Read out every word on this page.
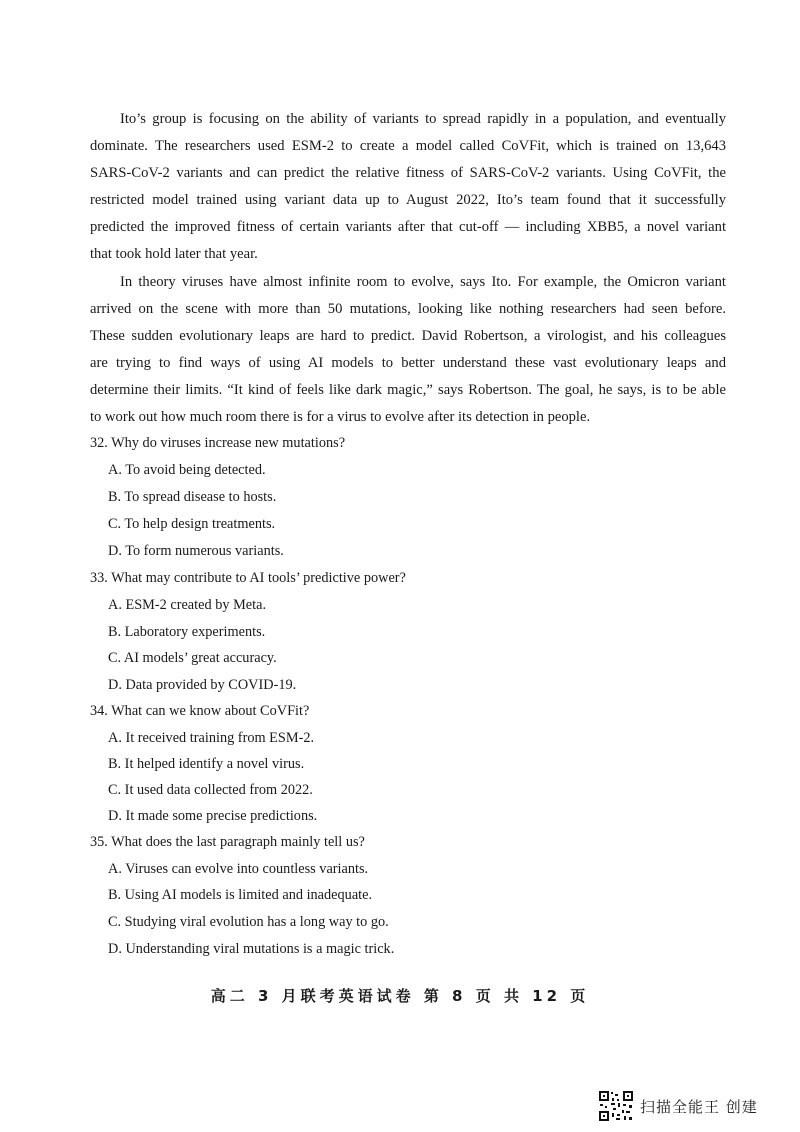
Ito’s group is focusing on the ability of variants to spread rapidly in a population, and eventually
dominate. The researchers used ESM-2 to create a model called CoVFit, which is trained on 13,643
SARS-CoV-2 variants and can predict the relative fitness of SARS-CoV-2 variants. Using CoVFit, the
restricted model trained using variant data up to August 2022, Ito’s team found that it successfully
predicted the improved fitness of certain variants after that cut-off — including XBB5, a novel variant
that took hold later that year.
In theory viruses have almost infinite room to evolve, says Ito. For example, the Omicron variant
arrived on the scene with more than 50 mutations, looking like nothing researchers had seen before.
These sudden evolutionary leaps are hard to predict. David Robertson, a virologist, and his colleagues
are trying to find ways of using AI models to better understand these vast evolutionary leaps and
determine their limits. “It kind of feels like dark magic,” says Robertson. The goal, he says, is to be able
to work out how much room there is for a virus to evolve after its detection in people.
32. Why do viruses increase new mutations?
A. To avoid being detected.
B. To spread disease to hosts.
C. To help design treatments.
D. To form numerous variants.
33. What may contribute to AI tools’ predictive power?
A. ESM-2 created by Meta.
B. Laboratory experiments.
C. AI models’ great accuracy.
D. Data provided by COVID-19.
34. What can we know about CoVFit?
A. It received training from ESM-2.
B. It helped identify a novel virus.
C. It used data collected from 2022.
D. It made some precise predictions.
35. What does the last paragraph mainly tell us?
A. Viruses can evolve into countless variants.
B. Using AI models is limited and inadequate.
C. Studying viral evolution has a long way to go.
D. Understanding viral mutations is a magic trick.
高二 3 月联考英语试卷 第 8 页 共 12 页
扫描全能王 创建
